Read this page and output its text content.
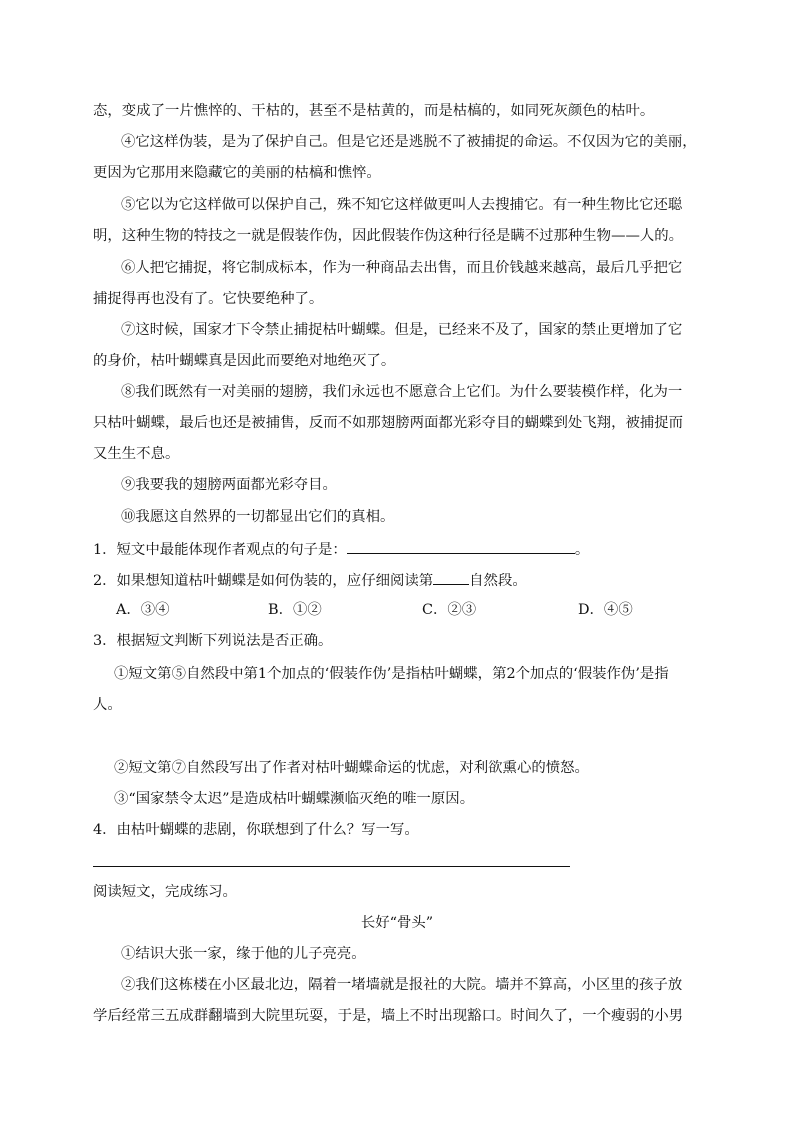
态，变成了一片憔悴的、干枯的，甚至不是枯黄的，而是枯槁的，如同死灰颜色的枯叶。
④它这样伪装，是为了保护自己。但是它还是逃脱不了被捕捉的命运。不仅因为它的美丽，
更因为它那用来隐藏它的美丽的枯槁和憔悴。
⑤它以为它这样做可以保护自己，殊不知它这样做更叫人去搜捕它。有一种生物比它还聪
明，这种生物的特技之一就是假装作伪，因此假装作伪这种行径是瞒不过那种生物——人的。
⑥人把它捕捉，将它制成标本，作为一种商品去出售，而且价钱越来越高，最后几乎把它
捕捉得再也没有了。它快要绝种了。
⑦这时候，国家才下令禁止捕捉枯叶蝴蝶。但是，已经来不及了，国家的禁止更增加了它
的身价，枯叶蝴蝶真是因此而要绝对地绝灭了。
⑧我们既然有一对美丽的翅膀，我们永远也不愿意合上它们。为什么要装模作样，化为一
只枯叶蝴蝶，最后也还是被捕售，反而不如那翅膀两面都光彩夺目的蝴蝶到处飞翔，被捕捉而
又生生不息。
⑨我要我的翅膀两面都光彩夺目。
⑩我愿这自然界的一切都显出它们的真相。
1．短文中最能体现作者观点的句子是：	。
2．如果想知道枯叶蝴蝶是如何伪装的，应仔细阅读第	自然段。
A．③④	B．①②	C．②③	D．④⑤
3．根据短文判断下列说法是否正确。
①短文第⑤自然段中第1个加点的‘假装作伪’是指枯叶蝴蝶，第2个加点的‘假装作伪’是指
人。
②短文第⑦自然段写出了作者对枯叶蝴蝶命运的忧虑，对利欲熏心的愤怒。
③“国家禁令太迟”是造成枯叶蝴蝶濒临灭绝的唯一原因。
4．由枯叶蝴蝶的悲剧，你联想到了什么？写一写。
阅读短文，完成练习。
长好“骨头”
①结识大张一家，缘于他的儿子亮亮。
②我们这栋楼在小区最北边，隔着一堵墙就是报社的大院。墙并不算高，小区里的孩子放
学后经常三五成群翻墙到大院里玩耍，于是，墙上不时出现豁口。时间久了，一个瘦弱的小男
